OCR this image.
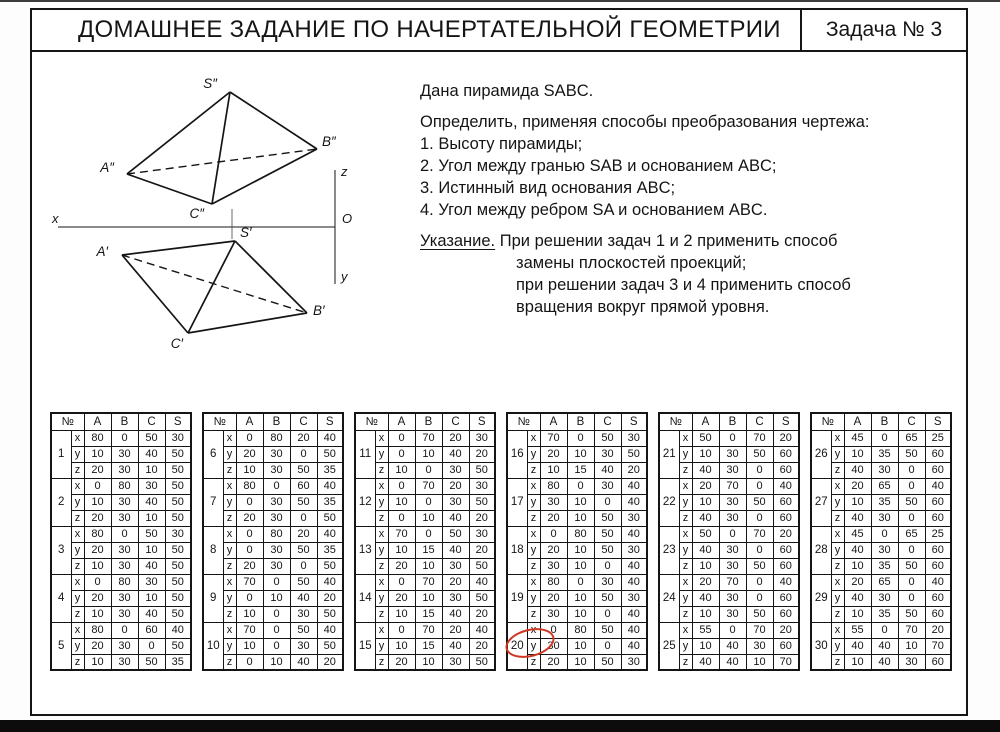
ДОМАШНЕЕ ЗАДАНИЕ ПО НАЧЕРТАТЕЛЬНОЙ ГЕОМЕТРИИ	Задача № 3
S″
A″
B″
C″
A′
S′
B′
C′
x
z
O
y
Дана пирамида SABC.
Определить, применяя способы преобразования чертежа:
1. Высоту пирамиды;
2. Угол между гранью SAB и основанием ABC;
3. Истинный вид основания ABC;
4. Угол между ребром SA и основанием ABC.
Указание. При решении задач 1 и 2 применить способ
замены плоскостей проекций;
при решении задач 3 и 4 применить способ
вращения вокруг прямой уровня.
№		A	B	C	S
1	x	80	0	50	30
	y	10	30	40	50
	z	20	30	10	50
2	x	0	80	30	50
	y	10	30	40	50
	z	20	30	10	50
3	x	80	0	50	30
	y	20	30	10	50
	z	10	30	40	50
4	x	0	80	30	50
	y	20	30	10	50
	z	10	30	40	50
5	x	80	0	60	40
	y	20	30	0	50
	z	10	30	50	35
№		A	B	C	S
6	x	0	80	20	40
	y	20	30	0	50
	z	10	30	50	35
7	x	80	0	60	40
	y	0	30	50	35
	z	20	30	0	50
8	x	0	80	20	40
	y	0	30	50	35
	z	20	30	0	50
9	x	70	0	50	40
	y	0	10	40	20
	z	10	0	30	50
10	x	70	0	50	40
	y	10	0	30	50
	z	0	10	40	20
№		A	B	C	S
11	x	0	70	20	30
	y	0	10	40	20
	z	10	0	30	50
12	x	0	70	20	30
	y	10	0	30	50
	z	0	10	40	20
13	x	70	0	50	30
	y	10	15	40	20
	z	20	10	30	50
14	x	0	70	20	40
	y	20	10	30	50
	z	10	15	40	20
15	x	0	70	20	40
	y	10	15	40	20
	z	20	10	30	50
№		A	B	C	S
16	x	70	0	50	30
	y	20	10	30	50
	z	10	15	40	20
17	x	80	0	30	40
	y	30	10	0	40
	z	20	10	50	30
18	x	0	80	50	40
	y	20	10	50	30
	z	30	10	0	40
19	x	80	0	30	40
	y	20	10	50	30
	z	30	10	0	40
20	x	0	80	50	40
	y	30	10	0	40
	z	20	10	50	30
№		A	B	C	S
21	x	50	0	70	20
	y	10	30	50	60
	z	40	30	0	60
22	x	20	70	0	40
	y	10	30	50	60
	z	40	30	0	60
23	x	50	0	70	20
	y	40	30	0	60
	z	10	30	50	60
24	x	20	70	0	40
	y	40	30	0	60
	z	10	30	50	60
25	x	55	0	70	20
	y	10	40	30	60
	z	40	40	10	70
№		A	B	C	S
26	x	45	0	65	25
	y	10	35	50	60
	z	40	30	0	60
27	x	20	65	0	40
	y	10	35	50	60
	z	40	30	0	60
28	x	45	0	65	25
	y	40	30	0	60
	z	10	35	50	60
29	x	20	65	0	40
	y	40	30	0	60
	z	10	35	50	60
30	x	55	0	70	20
	y	40	40	10	70
	z	10	40	30	60
